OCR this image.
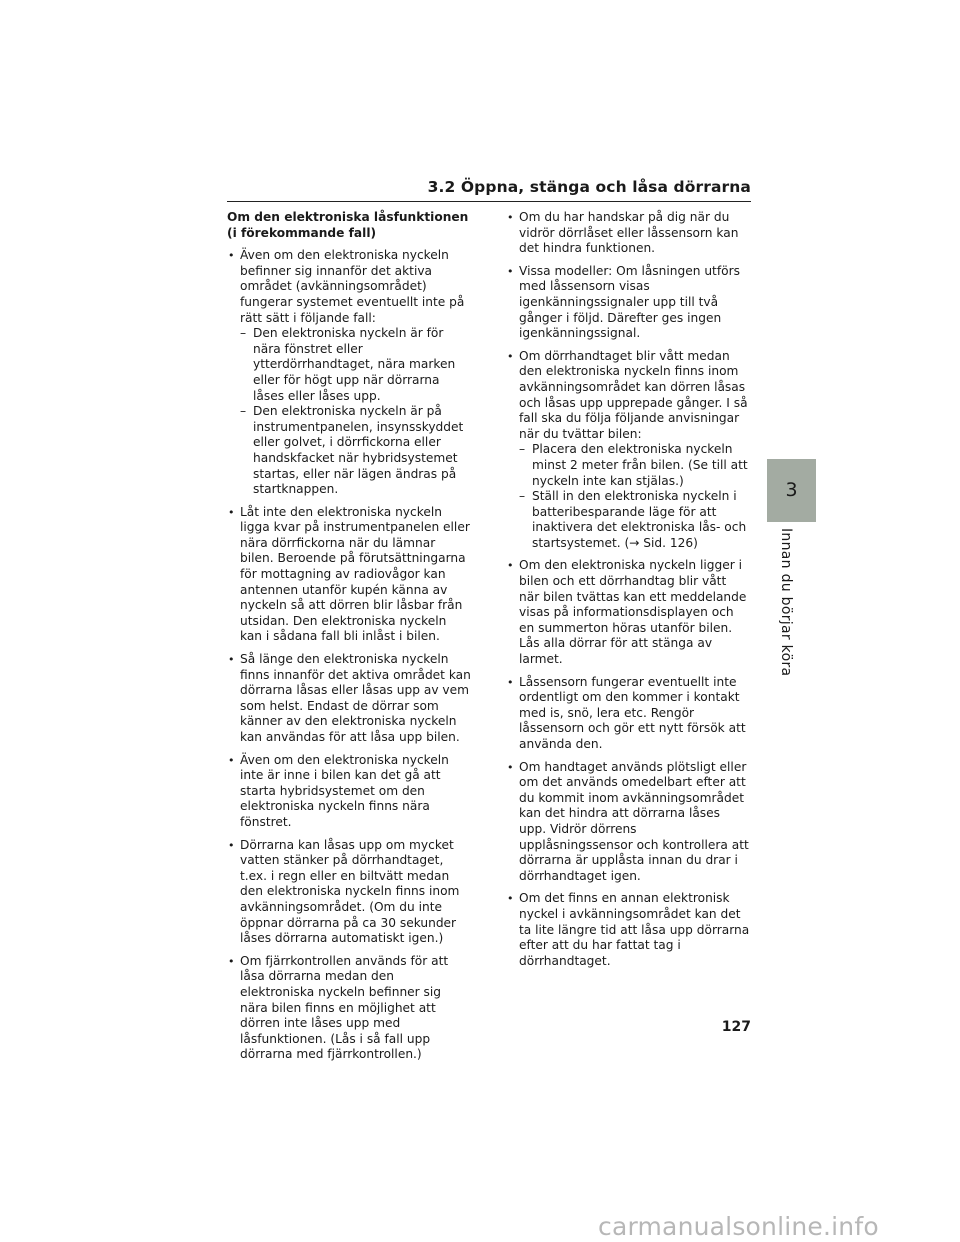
3.2 Öppna, stänga och låsa dörrarna
Om den elektroniska låsfunktionen
(i förekommande fall)
• Även om den elektroniska nyckeln befinner sig innanför det aktiva området (avkänningsområdet) fungerar systemet eventuellt inte på rätt sätt i följande fall:
– Den elektroniska nyckeln är för nära fönstret eller ytterdörrhandtaget, nära marken eller för högt upp när dörrarna låses eller låses upp.
– Den elektroniska nyckeln är på instrumentpanelen, insynsskyddet eller golvet, i dörrfickorna eller handskfacket när hybridsystemet startas, eller när lägen ändras på startknappen.
• Låt inte den elektroniska nyckeln ligga kvar på instrumentpanelen eller nära dörrfickorna när du lämnar bilen. Beroende på förutsättningarna för mottagning av radiovågor kan antennen utanför kupén känna av nyckeln så att dörren blir låsbar från utsidan. Den elektroniska nyckeln kan i sådana fall bli inlåst i bilen.
• Så länge den elektroniska nyckeln finns innanför det aktiva området kan dörrarna låsas eller låsas upp av vem som helst. Endast de dörrar som känner av den elektroniska nyckeln kan användas för att låsa upp bilen.
• Även om den elektroniska nyckeln inte är inne i bilen kan det gå att starta hybridsystemet om den elektroniska nyckeln finns nära fönstret.
• Dörrarna kan låsas upp om mycket vatten stänker på dörrhandtaget, t.ex. i regn eller en biltvätt medan den elektroniska nyckeln finns inom avkänningsområdet. (Om du inte öppnar dörrarna på ca 30 sekunder låses dörrarna automatiskt igen.)
• Om fjärrkontrollen används för att låsa dörrarna medan den elektroniska nyckeln befinner sig nära bilen finns en möjlighet att dörren inte låses upp med låsfunktionen. (Lås i så fall upp dörrarna med fjärrkontrollen.)
• Om du har handskar på dig när du vidrör dörrlåset eller låssensorn kan det hindra funktionen.
• Vissa modeller: Om låsningen utförs med låssensorn visas igenkänningssignaler upp till två gånger i följd. Därefter ges ingen igenkänningssignal.
• Om dörrhandtaget blir vått medan den elektroniska nyckeln finns inom avkänningsområdet kan dörren låsas och låsas upp upprepade gånger. I så fall ska du följa följande anvisningar när du tvättar bilen:
– Placera den elektroniska nyckeln minst 2 meter från bilen. (Se till att nyckeln inte kan stjälas.)
– Ställ in den elektroniska nyckeln i batteribesparande läge för att inaktivera det elektroniska lås- och startsystemet. (→ Sid. 126)
• Om den elektroniska nyckeln ligger i bilen och ett dörrhandtag blir vått när bilen tvättas kan ett meddelande visas på informationsdisplayen och en summerton höras utanför bilen. Lås alla dörrar för att stänga av larmet.
• Låssensorn fungerar eventuellt inte ordentligt om den kommer i kontakt med is, snö, lera etc. Rengör låssensorn och gör ett nytt försök att använda den.
• Om handtaget används plötsligt eller om det används omedelbart efter att du kommit inom avkänningsområdet kan det hindra att dörrarna låses upp. Vidrör dörrens upplåsningssensor och kontrollera att dörrarna är upplåsta innan du drar i dörrhandtaget igen.
• Om det finns en annan elektronisk nyckel i avkänningsområdet kan det ta lite längre tid att låsa upp dörrarna efter att du har fattat tag i dörrhandtaget.
3
Innan du börjar köra
127
carmanualsonline.info
